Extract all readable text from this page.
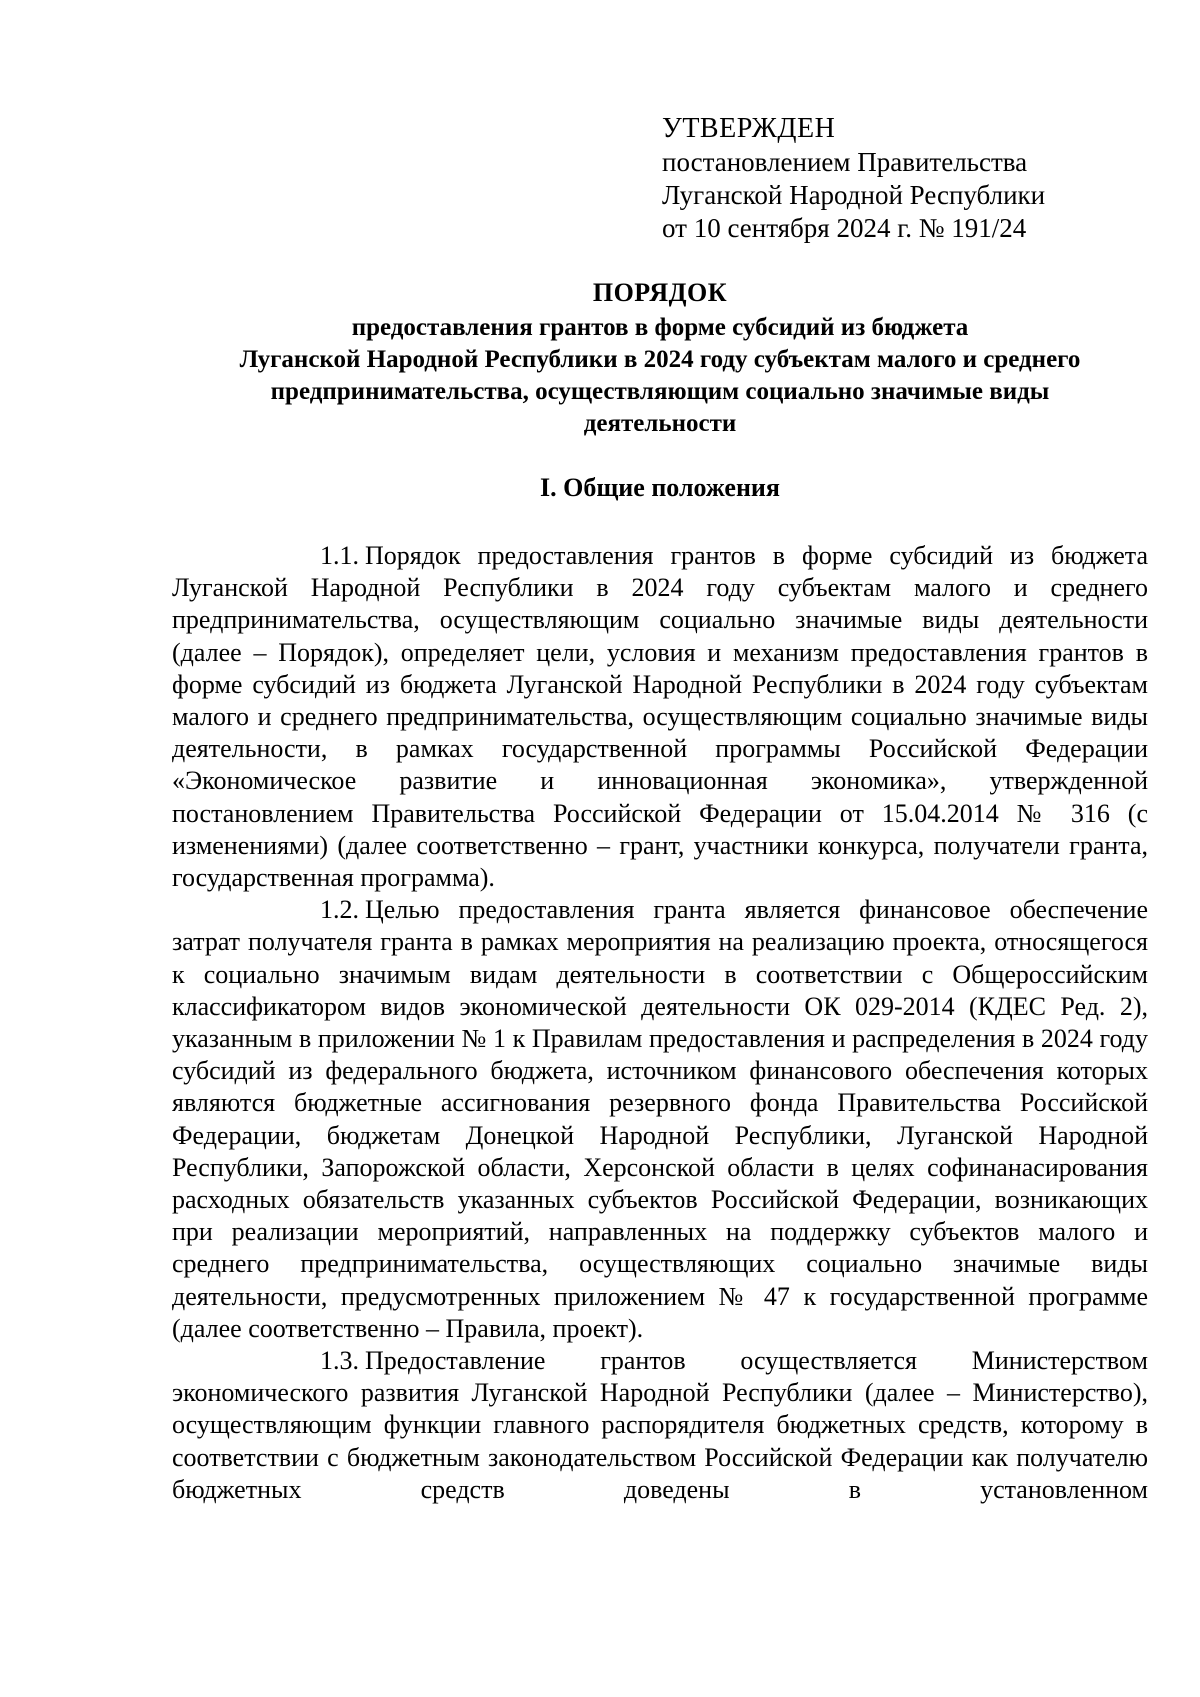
УТВЕРЖДЕН
постановлением Правительства
Луганской Народной Республики
от 10 сентября 2024 г. № 191/24
ПОРЯДОК
предоставления грантов в форме субсидий из бюджета
Луганской Народной Республики в 2024 году субъектам малого и среднего
предпринимательства, осуществляющим социально значимые виды
деятельности
I. Общие положения

1.1. Порядок предоставления грантов в форме субсидий из бюджета Луганской Народной Республики в 2024 году субъектам малого и среднего предпринимательства, осуществляющим социально значимые виды деятельности (далее – Порядок), определяет цели, условия и механизм предоставления грантов в форме субсидий из бюджета Луганской Народной Республики в 2024 году субъектам малого и среднего предпринимательства, осуществляющим социально значимые виды деятельности, в рамках государственной программы Российской Федерации «Экономическое развитие и инновационная экономика», утвержденной постановлением Правительства Российской Федерации от 15.04.2014 № 316 (с изменениями) (далее соответственно – грант, участники конкурса, получатели гранта, государственная программа).

1.2. Целью предоставления гранта является финансовое обеспечение затрат получателя гранта в рамках мероприятия на реализацию проекта, относящегося к социально значимым видам деятельности в соответствии с Общероссийским классификатором видов экономической деятельности ОК 029-2014 (КДЕС Ред. 2), указанным в приложении № 1 к Правилам предоставления и распределения в 2024 году субсидий из федерального бюджета, источником финансового обеспечения которых являются бюджетные ассигнования резервного фонда Правительства Российской Федерации, бюджетам Донецкой Народной Республики, Луганской Народной Республики, Запорожской области, Херсонской области в целях софинанасирования расходных обязательств указанных субъектов Российской Федерации, возникающих при реализации мероприятий, направленных на поддержку субъектов малого и среднего предпринимательства, осуществляющих социально значимые виды деятельности, предусмотренных приложением № 47 к государственной программе (далее соответственно – Правила, проект).

1.3. Предоставление грантов осуществляется Министерством экономического развития Луганской Народной Республики (далее – Министерство), осуществляющим функции главного распорядителя бюджетных средств, которому в соответствии с бюджетным законодательством Российской Федерации как получателю бюджетных средств доведены в установленном
